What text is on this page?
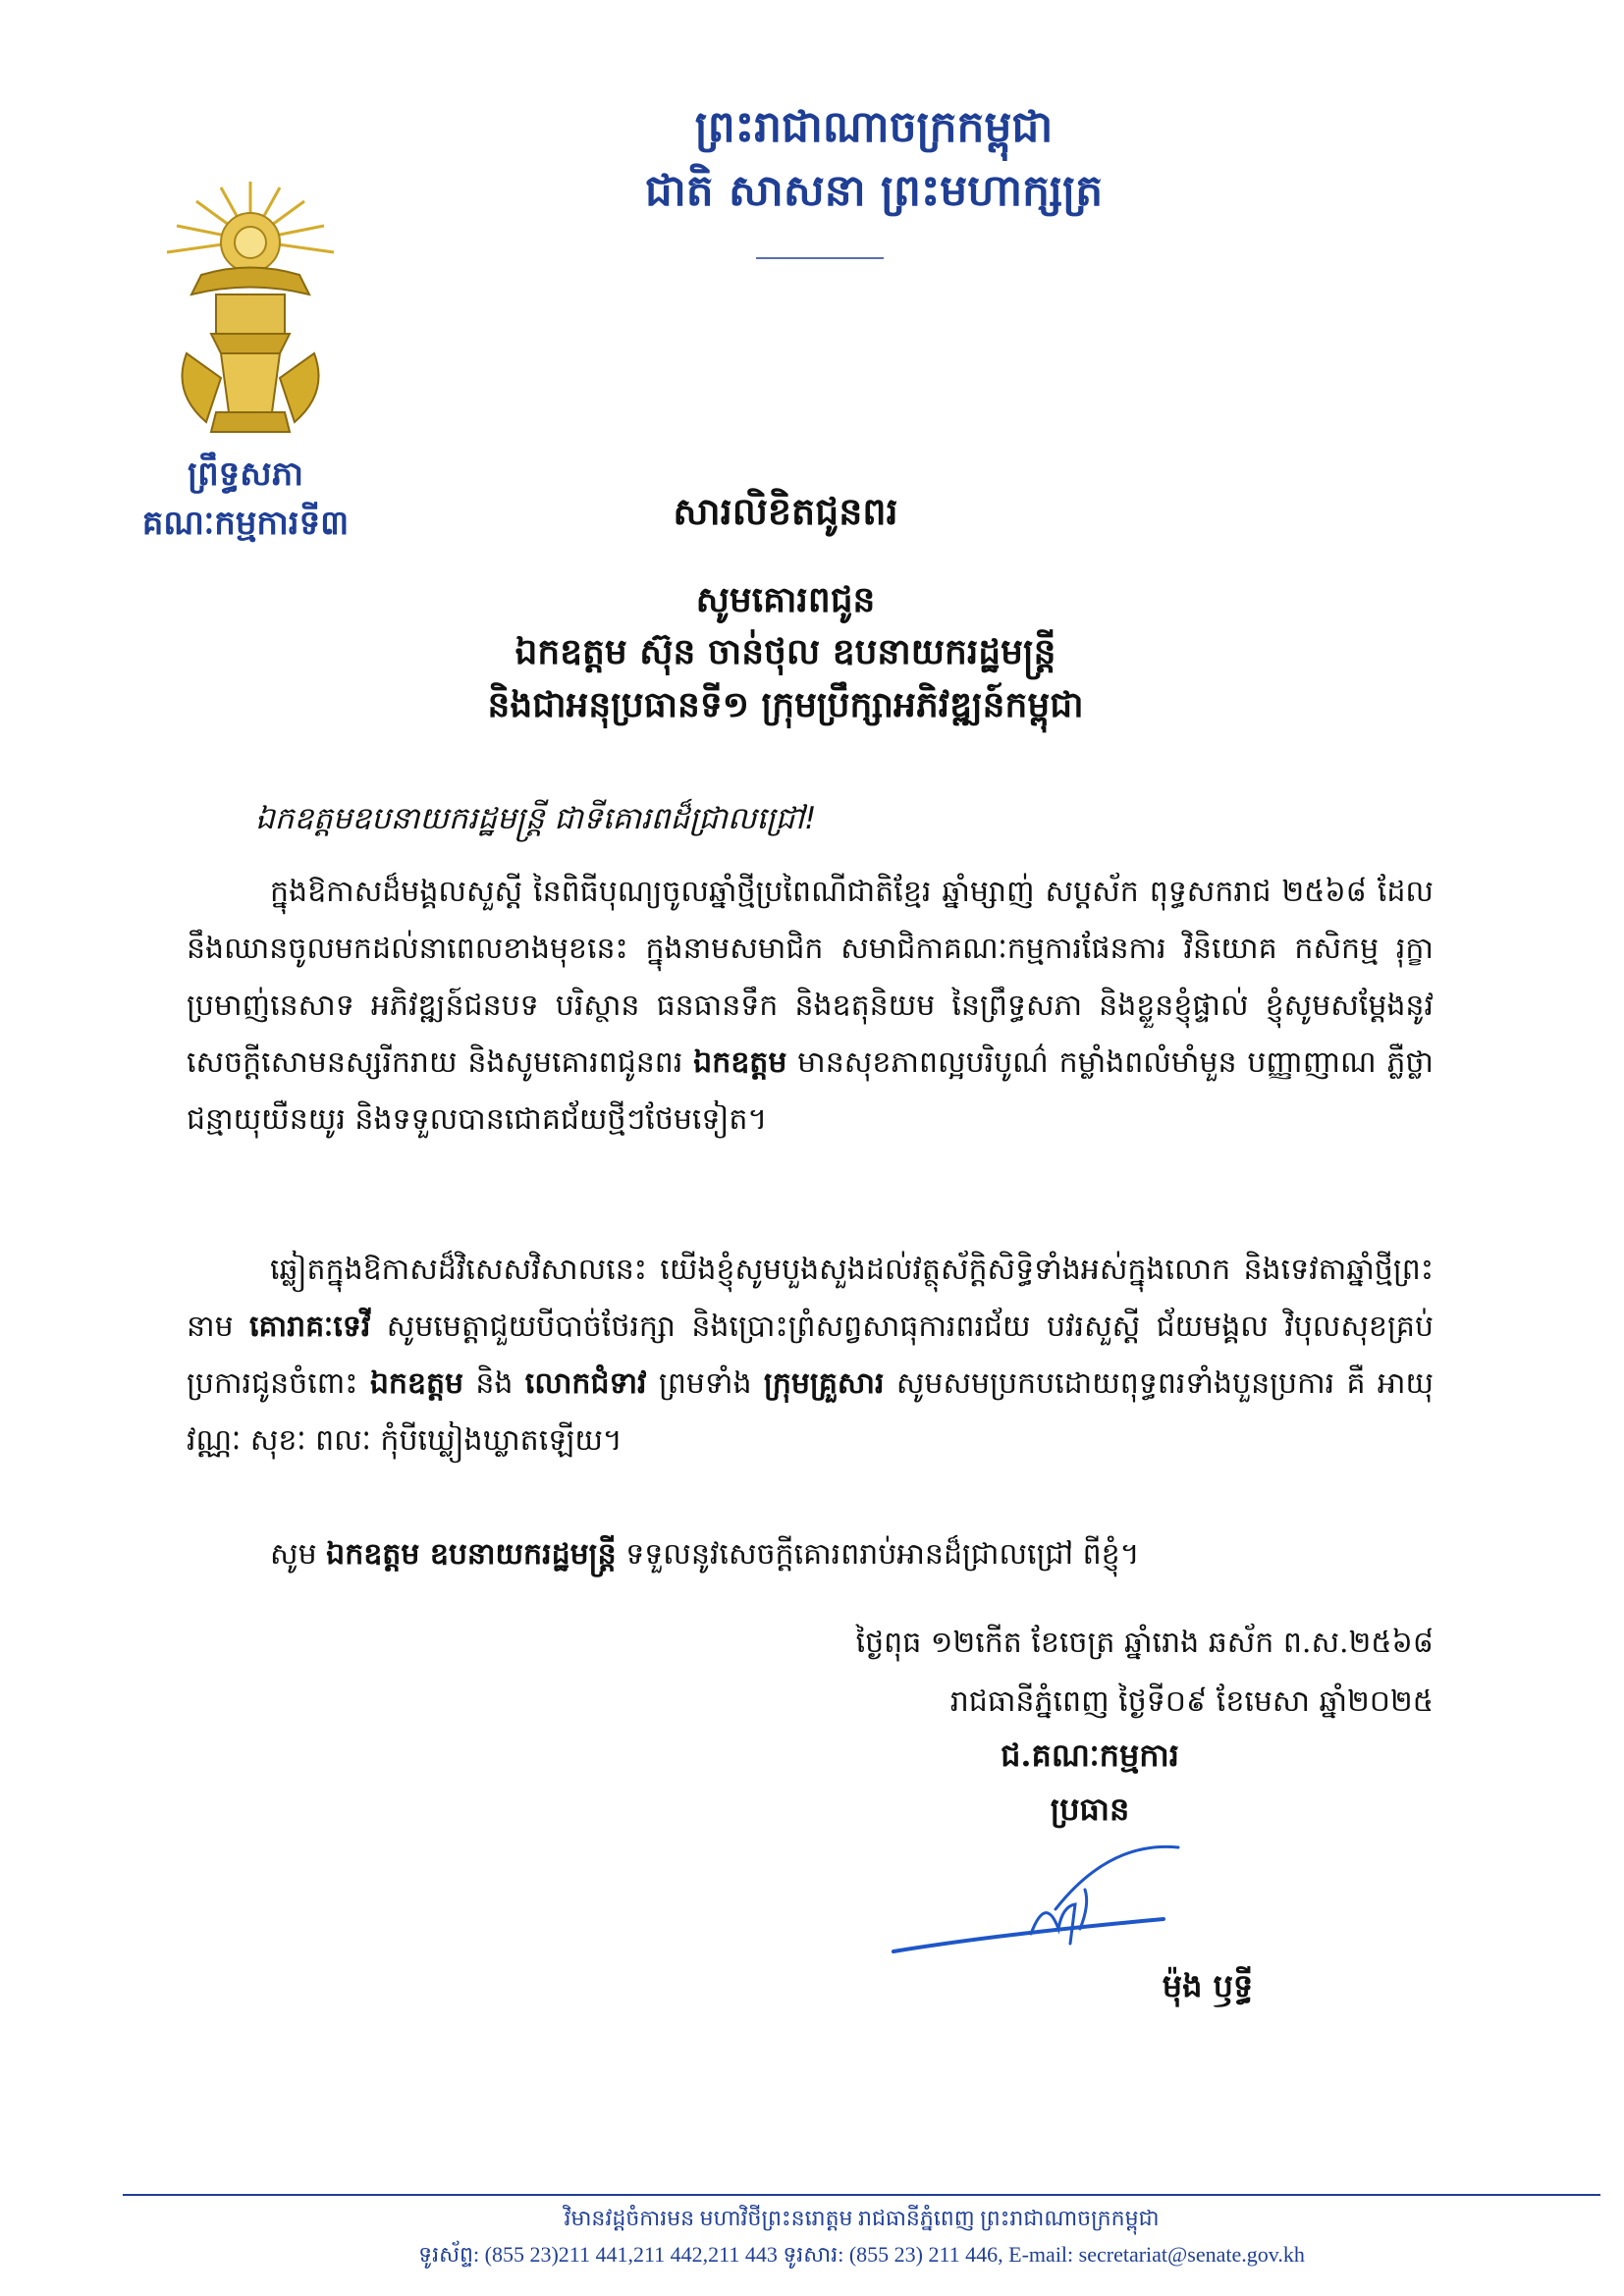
ព្រះរាជាណាចក្រកម្ពុជា
ជាតិ សាសនា ព្រះមហាក្សត្រ
ព្រឹទ្ធសភា
គណៈកម្មការទី៣	សារលិខិតជូនពរ
សូមគោរពជូន
ឯកឧត្តម ស៊ុន ចាន់ថុល ឧបនាយករដ្ឋមន្ត្រី
និងជាអនុប្រធានទី១ ក្រុមប្រឹក្សាអភិវឌ្ឍន៍កម្ពុជា
ឯកឧត្តមឧបនាយករដ្ឋមន្ត្រី ជាទីគោរពដ៏ជ្រាលជ្រៅ!

ក្នុងឱកាសដ៏មង្គលសួស្តី នៃពិធីបុណ្យចូលឆ្នាំថ្មីប្រពៃណីជាតិខ្មែរ ឆ្នាំម្សាញ់ សប្តស័ក ពុទ្ធសករាជ ២៥៦៨ ដែលនឹងឈានចូលមកដល់នាពេលខាងមុខនេះ ក្នុងនាមសមាជិក សមាជិកាគណៈកម្មការផែនការ វិនិយោគ កសិកម្ម រុក្ខាប្រមាញ់នេសាទ អភិវឌ្ឍន៍ជនបទ បរិស្ថាន ធនធានទឹក និងឧតុនិយម នៃព្រឹទ្ធសភា និងខ្លួនខ្ញុំផ្ទាល់ ខ្ញុំសូមសម្តែងនូវសេចក្តីសោមនស្សរីករាយ និងសូមគោរពជូនពរ ឯកឧត្តម មានសុខភាពល្អបរិបូណ៌ កម្លាំងពលំមាំមួន បញ្ញាញាណ ភ្លឺថ្លា ជន្មាយុយឺនយូរ និងទទួលបានជោគជ័យថ្មីៗថែមទៀត។

ឆ្លៀតក្នុងឱកាសដ៏វិសេសវិសាលនេះ យើងខ្ញុំសូមបួងសួងដល់វត្ថុស័ក្តិសិទ្ធិទាំងអស់ក្នុងលោក និងទេវតាឆ្នាំថ្មីព្រះនាម គោរាគៈទេវី សូមមេត្តាជួយបីបាច់ថែរក្សា និងប្រោះព្រំសព្វសាធុការពរជ័យ បវរសួស្តី ជ័យមង្គល វិបុលសុខគ្រប់ប្រការជូនចំពោះ ឯកឧត្តម និង លោកជំទាវ ព្រមទាំង ក្រុមគ្រួសារ សូមសមប្រកបដោយពុទ្ធពរទាំងបួនប្រការ គឺ អាយុ វណ្ណៈ សុខៈ ពលៈ កុំបីឃ្លៀងឃ្លាតឡើយ។

សូម ឯកឧត្តម ឧបនាយករដ្ឋមន្ត្រី ទទួលនូវសេចក្តីគោរពរាប់អានដ៏ជ្រាលជ្រៅ ពីខ្ញុំ។

ថ្ងៃពុធ ១២កើត ខែចេត្រ ឆ្នាំរោង ឆស័ក ព.ស.២៥៦៨
រាជធានីភ្នំពេញ ថ្ងៃទី០៩ ខែមេសា ឆ្នាំ២០២៥
ជ.គណៈកម្មការ
ប្រធាន
ម៉ុង ឫទ្ធី
វិមានវដ្តចំការមន មហាវិថីព្រះនរោត្តម រាជធានីភ្នំពេញ ព្រះរាជាណាចក្រកម្ពុជា
ទូរស័ព្ទ: (855 23)211 441,211 442,211 443 ទូរសារ: (855 23) 211 446, E-mail: secretariat@senate.gov.kh
